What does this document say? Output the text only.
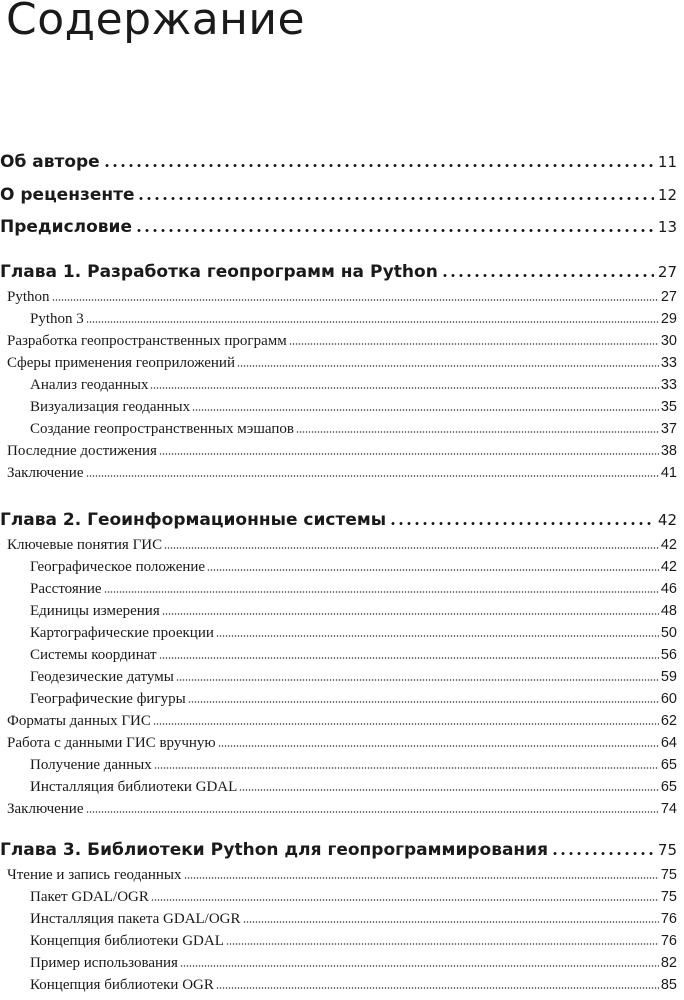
Содержание
Об авторе	11
О рецензенте	12
Предисловие	13
Глава 1. Разработка геопрограмм на Python	27
Python	27
Python 3	29
Разработка геопространственных программ	30
Сферы применения геоприложений	33
Анализ геоданных	33
Визуализация геоданных	35
Создание геопространственных мэшапов	37
Последние достижения	38
Заключение	41
Глава 2. Геоинформационные системы	42
Ключевые понятия ГИС	42
Географическое положение	42
Расстояние	46
Единицы измерения	48
Картографические проекции	50
Системы координат	56
Геодезические датумы	59
Географические фигуры	60
Форматы данных ГИС	62
Работа с данными ГИС вручную	64
Получение данных	65
Инсталляция библиотеки GDAL	65
Заключение	74
Глава 3. Библиотеки Python для геопрограммирования	75
Чтение и запись геоданных	75
Пакет GDAL/OGR	75
Инсталляция пакета GDAL/OGR	76
Концепция библиотеки GDAL	76
Пример использования	82
Концепция библиотеки OGR	85
